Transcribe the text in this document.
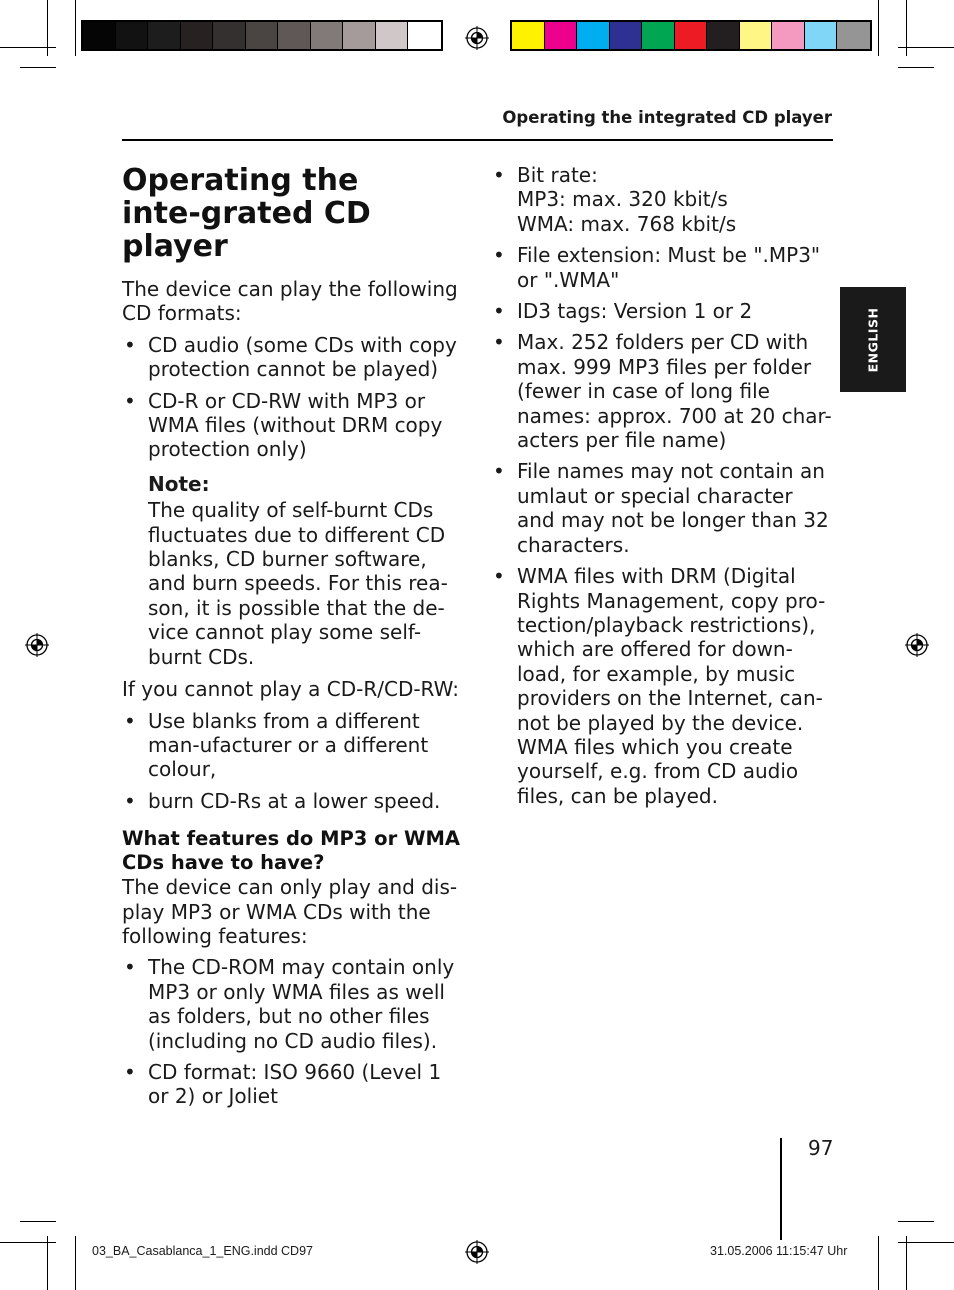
Operating the integrated CD player
ENGLISH
Operating the inte-grated CD player

The device can play the following CD formats:

• CD audio (some CDs with copy protection cannot be played)
• CD-R or CD-RW with MP3 or WMA files (without DRM copy protection only)
Note:
The quality of self-burnt CDs fluctuates due to different CD blanks, CD burner software, and burn speeds. For this rea-son, it is possible that the de-vice cannot play some self-burnt CDs.

If you cannot play a CD-R/CD-RW:

• Use blanks from a different man-ufacturer or a different colour,
• burn CD-Rs at a lower speed.
What features do MP3 or WMA CDs have to have?

The device can only play and dis-play MP3 or WMA CDs with the following features:

• The CD-ROM may contain only MP3 or only WMA files as well as folders, but no other files (including no CD audio files).
• CD format: ISO 9660 (Level 1 or 2) or Joliet
• Bit rate:
MP3: max. 320 kbit/s
WMA: max. 768 kbit/s
• File extension: Must be ".MP3" or ".WMA"
• ID3 tags: Version 1 or 2
• Max. 252 folders per CD with max. 999 MP3 files per folder (fewer in case of long file names: approx. 700 at 20 char-acters per file name)
• File names may not contain an umlaut or special character and may not be longer than 32 characters.
• WMA files with DRM (Digital Rights Management, copy pro-tection/playback restrictions), which are offered for down-load, for example, by music providers on the Internet, can-not be played by the device. WMA files which you create yourself, e.g. from CD audio files, can be played.
97
03_BA_Casablanca_1_ENG.indd CD97	31.05.2006 11:15:47 Uhr
